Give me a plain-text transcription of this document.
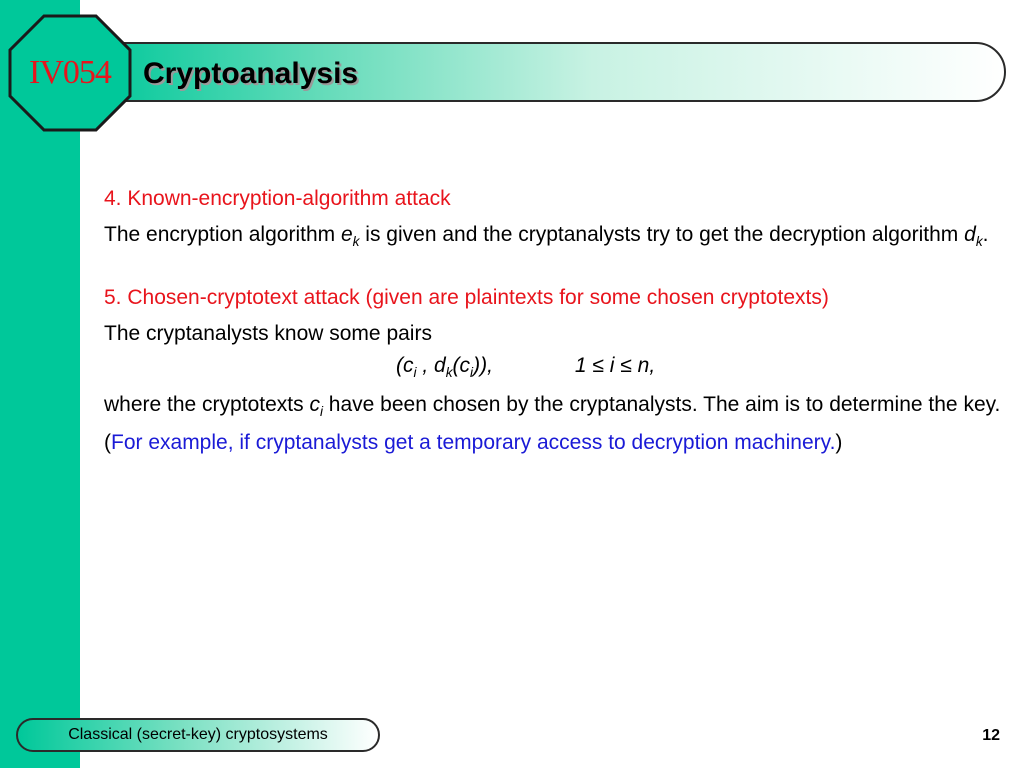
IV054	Cryptoanalysis

4. Known-encryption-algorithm attack

The encryption algorithm $e_k$ is given and the cryptanalysts try to get the decryption algorithm $d_k$.

5. Chosen-cryptotext attack (given are plaintexts for some chosen cryptotexts)

The cryptanalysts know some pairs

($c_i$ , $d_k(c_i)$),	1 ≤ i ≤ n,

where the cryptotexts $c_i$ have been chosen by the cryptanalysts. The aim is to determine the key. (For example, if cryptanalysts get a temporary access to decryption machinery.)

Classical (secret-key) cryptosystems	12
